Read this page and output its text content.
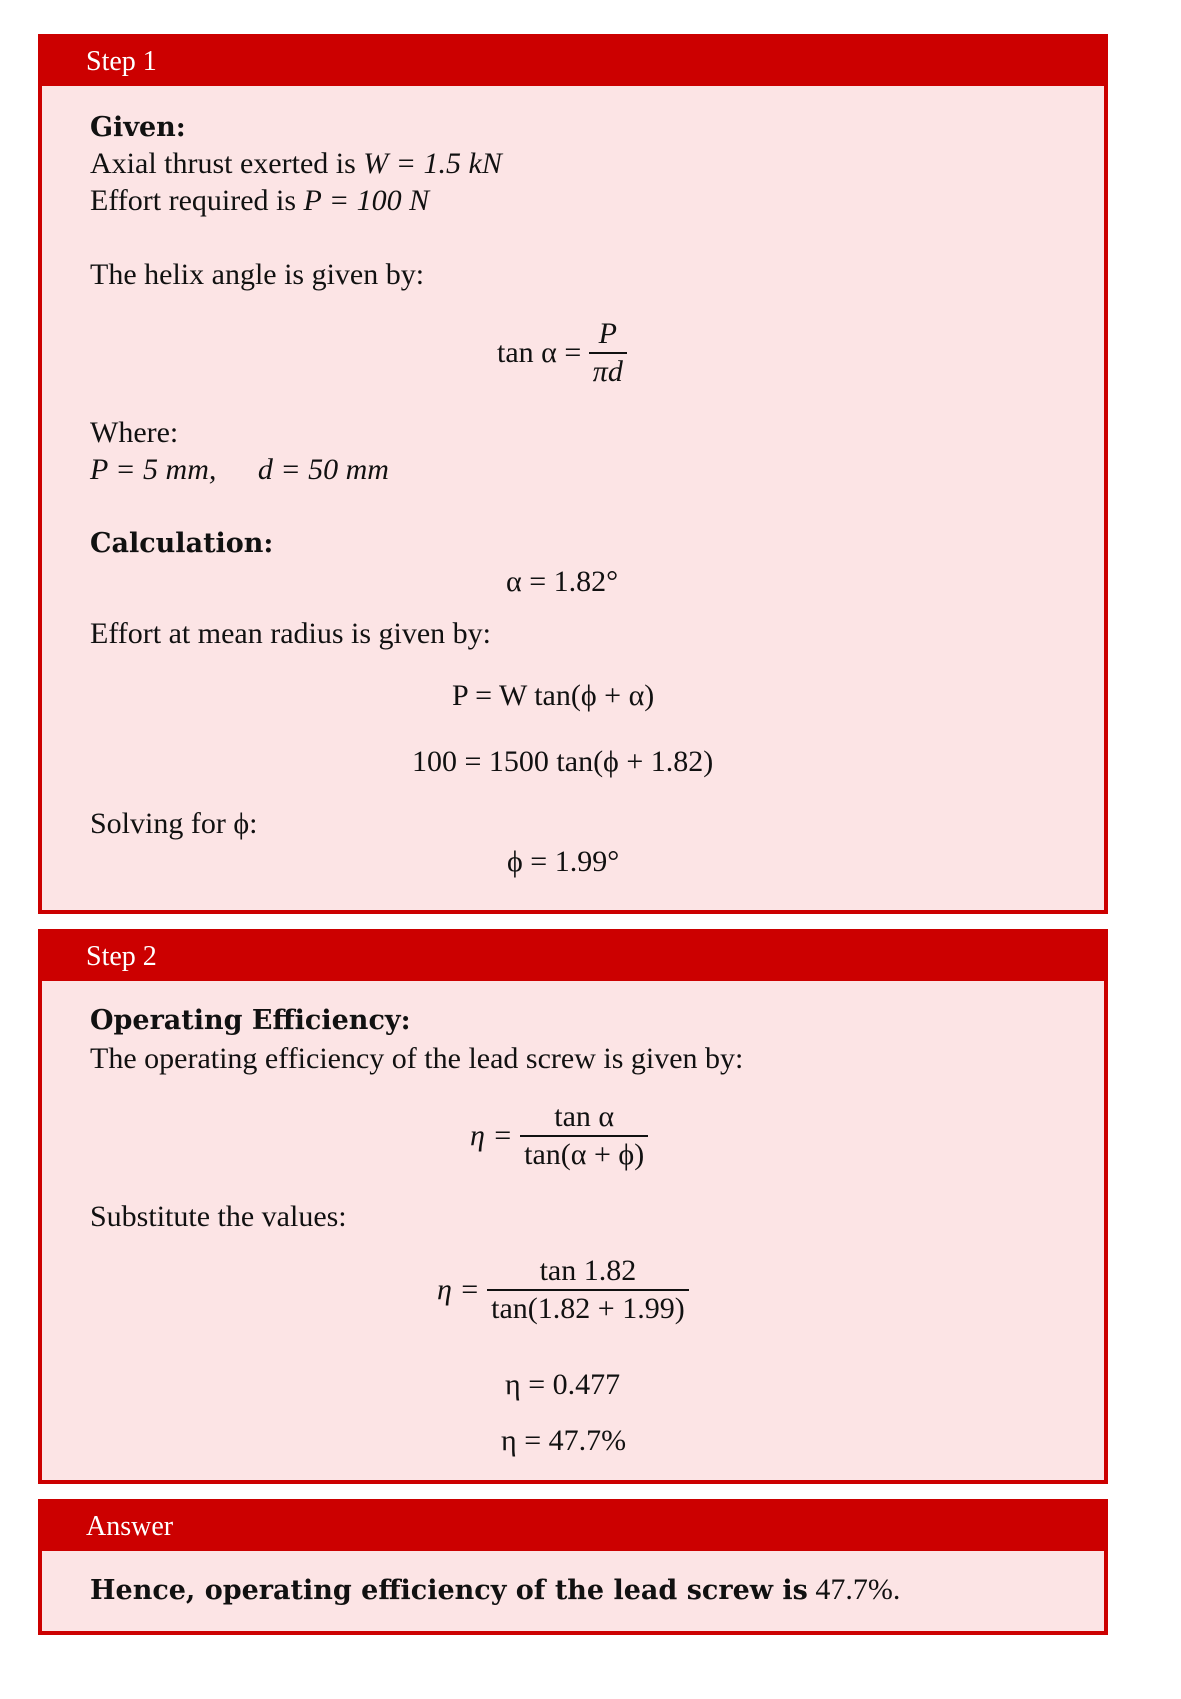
Step 1
Given:
Axial thrust exerted is W = 1.5 kN
Effort required is P = 100 N
The helix angle is given by:
$\tan \alpha = \frac{P}{\pi d}$
Where:
P = 5 mm, d = 50 mm
Calculation:
α = 1.82°
Effort at mean radius is given by:
P = W tan(ϕ + α)
100 = 1500 tan(ϕ + 1.82)
Solving for ϕ:
ϕ = 1.99°
Step 2
Operating Efficiency:
The operating efficiency of the lead screw is given by:
$\eta = \frac{\text{tan α}}{\tan(\alpha + \phi)}$
Substitute the values:
$\eta = \frac{\tan 1.82}{\tan(1.82 + 1.99)}$
η = 0.477
η = 47.7%
Answer
Hence, operating efficiency of the lead screw is 47.7%.
